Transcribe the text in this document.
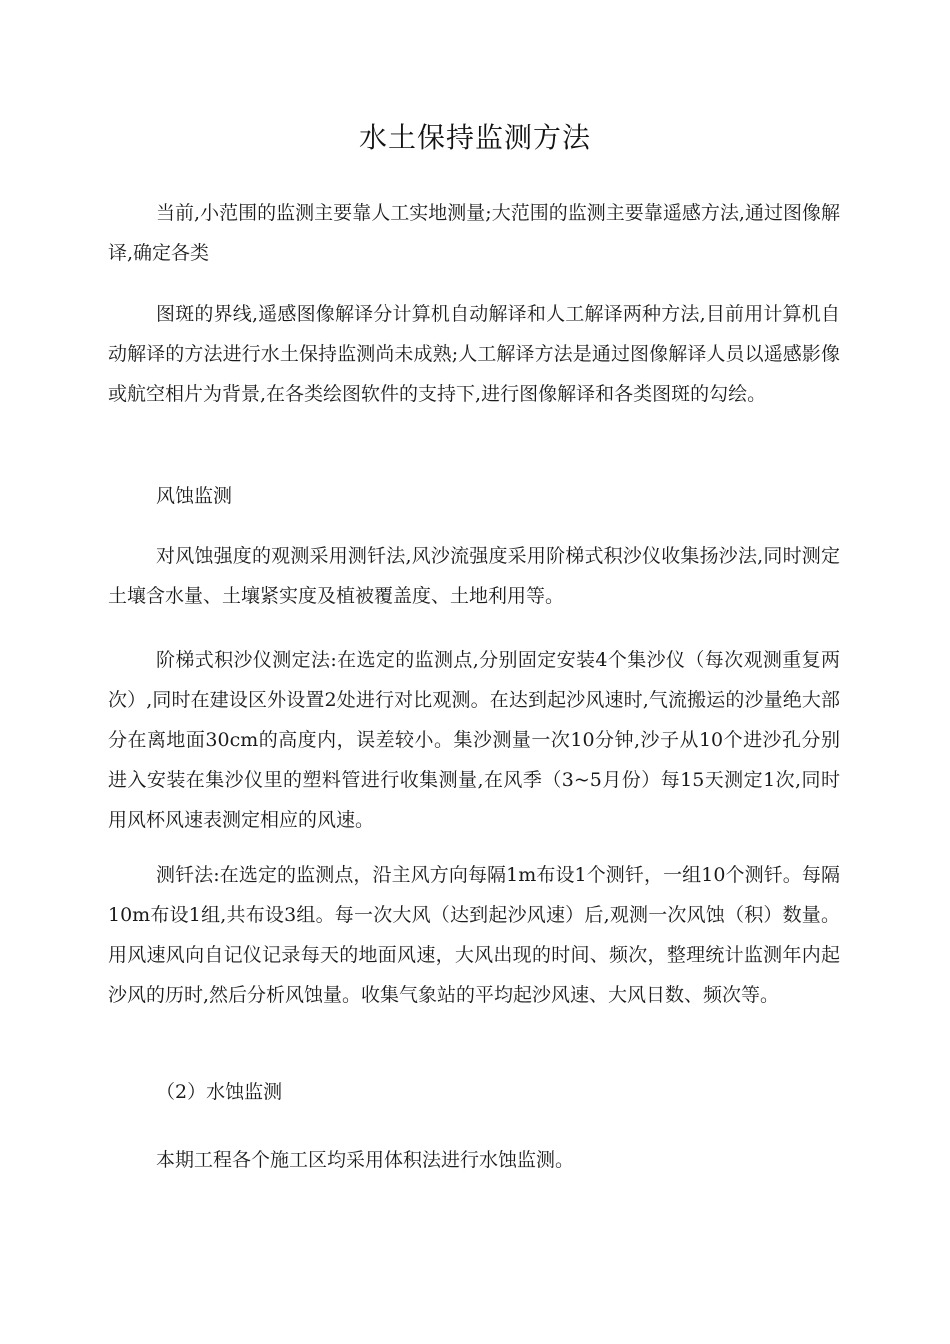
水土保持监测方法

当前,小范围的监测主要靠人工实地测量;大范围的监测主要靠遥感方法,通过图像解译,确定各类

图斑的界线,遥感图像解译分计算机自动解译和人工解译两种方法,目前用计算机自动解译的方法进行水土保持监测尚未成熟;人工解译方法是通过图像解译人员以遥感影像或航空相片为背景,在各类绘图软件的支持下,进行图像解译和各类图斑的勾绘。

风蚀监测

对风蚀强度的观测采用测钎法,风沙流强度采用阶梯式积沙仪收集扬沙法,同时测定土壤含水量、土壤紧实度及植被覆盖度、土地利用等。

阶梯式积沙仪测定法:在选定的监测点,分别固定安装4个集沙仪（每次观测重复两次）,同时在建设区外设置2处进行对比观测。在达到起沙风速时,气流搬运的沙量绝大部分在离地面30cm的高度内，误差较小。集沙测量一次10分钟,沙子从10个进沙孔分别进入安装在集沙仪里的塑料管进行收集测量,在风季（3~5月份）每15天测定1次,同时用风杯风速表测定相应的风速。

测钎法:在选定的监测点，沿主风方向每隔1m布设1个测钎，一组10个测钎。每隔10m布设1组,共布设3组。每一次大风（达到起沙风速）后,观测一次风蚀（积）数量。用风速风向自记仪记录每天的地面风速，大风出现的时间、频次，整理统计监测年内起沙风的历时,然后分析风蚀量。收集气象站的平均起沙风速、大风日数、频次等。

（2）水蚀监测

本期工程各个施工区均采用体积法进行水蚀监测。
